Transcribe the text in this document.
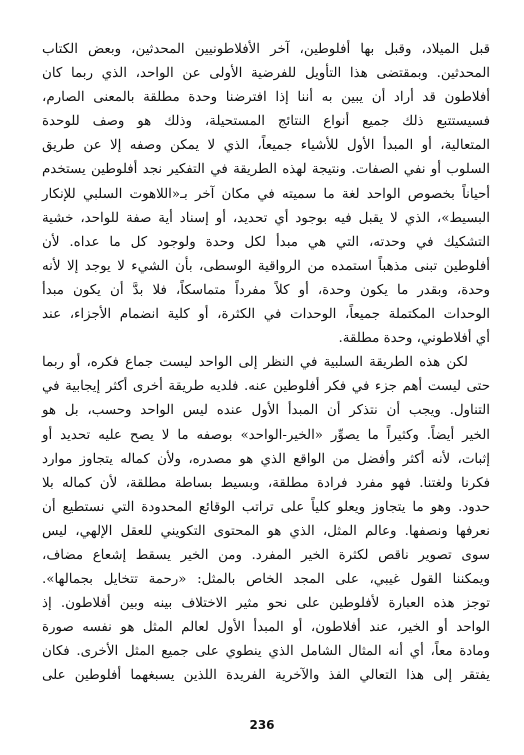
قبل الميلاد، وقبل بها أفلوطين، آخر الأفلاطونيين المحدثين، وبعض الكتاب
المحدثين. وبمقتضى هذا التأويل للفرضية الأولى عن الواحد، الذي ربما كان
أفلاطون قد أراد أن يبين به أننا إذا افترضنا وحدة مطلقة بالمعنى الصارم،
فسيستتبع ذلك جميع أنواع النتائج المستحيلة، وذلك هو وصف للوحدة
المتعالية، أو المبدأ الأول للأشياء جميعاً، الذي لا يمكن وصفه إلا عن طريق
السلوب أو نفي الصفات. ونتيجة لهذه الطريقة في التفكير نجد أفلوطين يستخدم
أحياناً بخصوص الواحد لغة ما سميته في مكان آخر بـ«اللاهوت السلبي للإنكار
البسيط»، الذي لا يقبل فيه بوجود أي تحديد، أو إسناد أية صفة للواحد، خشية
التشكيك في وحدته، التي هي مبدأ لكل وحدة ولوجود كل ما عداه. لأن
أفلوطين تبنى مذهباً استمده من الرواقية الوسطى، بأن الشيء لا يوجد إلا لأنه
وحدة، وبقدر ما يكون وحدة، أو كلاً مفرداً متماسكاً، فلا بدَّ أن يكون مبدأ
الوحدات المكتملة جميعاً، الوحدات في الكثرة، أو كلية انضمام الأجزاء، عند
أي أفلاطوني، وحدة مطلقة.
لكن هذه الطريقة السلبية في النظر إلى الواحد ليست جماع فكره، أو ربما
حتى ليست أهم جزء في فكر أفلوطين عنه. فلديه طريقة أخرى أكثر إيجابية في
التناول. ويجب أن نتذكر أن المبدأ الأول عنده ليس الواحد وحسب، بل هو
الخير أيضاً. وكثيراً ما يصوِّر «الخير-الواحد» بوصفه ما لا يصح عليه تحديد أو
إثبات، لأنه أكثر وأفضل من الواقع الذي هو مصدره، ولأن كماله يتجاوز موارد
فكرنا ولغتنا. فهو مفرد فرادة مطلقة، وبسيط بساطة مطلقة، لأن كماله بلا
حدود. وهو ما يتجاوز ويعلو كلياً على تراتب الوقائع المحدودة التي نستطيع أن
نعرفها ونصفها. وعالم المثل، الذي هو المحتوى التكويني للعقل الإلهي، ليس
سوى تصوير ناقص لكثرة الخير المفرد. ومن الخير يسقط إشعاع مضاف،
ويمكننا القول غيبي، على المجد الخاص بالمثل: «رحمة تتخايل بجمالها».
توجز هذه العبارة لأفلوطين على نحو مثير الاختلاف بينه وبين أفلاطون. إذ
الواحد أو الخير، عند أفلاطون، أو المبدأ الأول لعالم المثل هو نفسه صورة
ومادة معاً، أي أنه المثال الشامل الذي ينطوي على جميع المثل الأخرى. فكان
يفتقر إلى هذا التعالي الفذ والآخرية الفريدة اللذين يسبغهما أفلوطين على
236
